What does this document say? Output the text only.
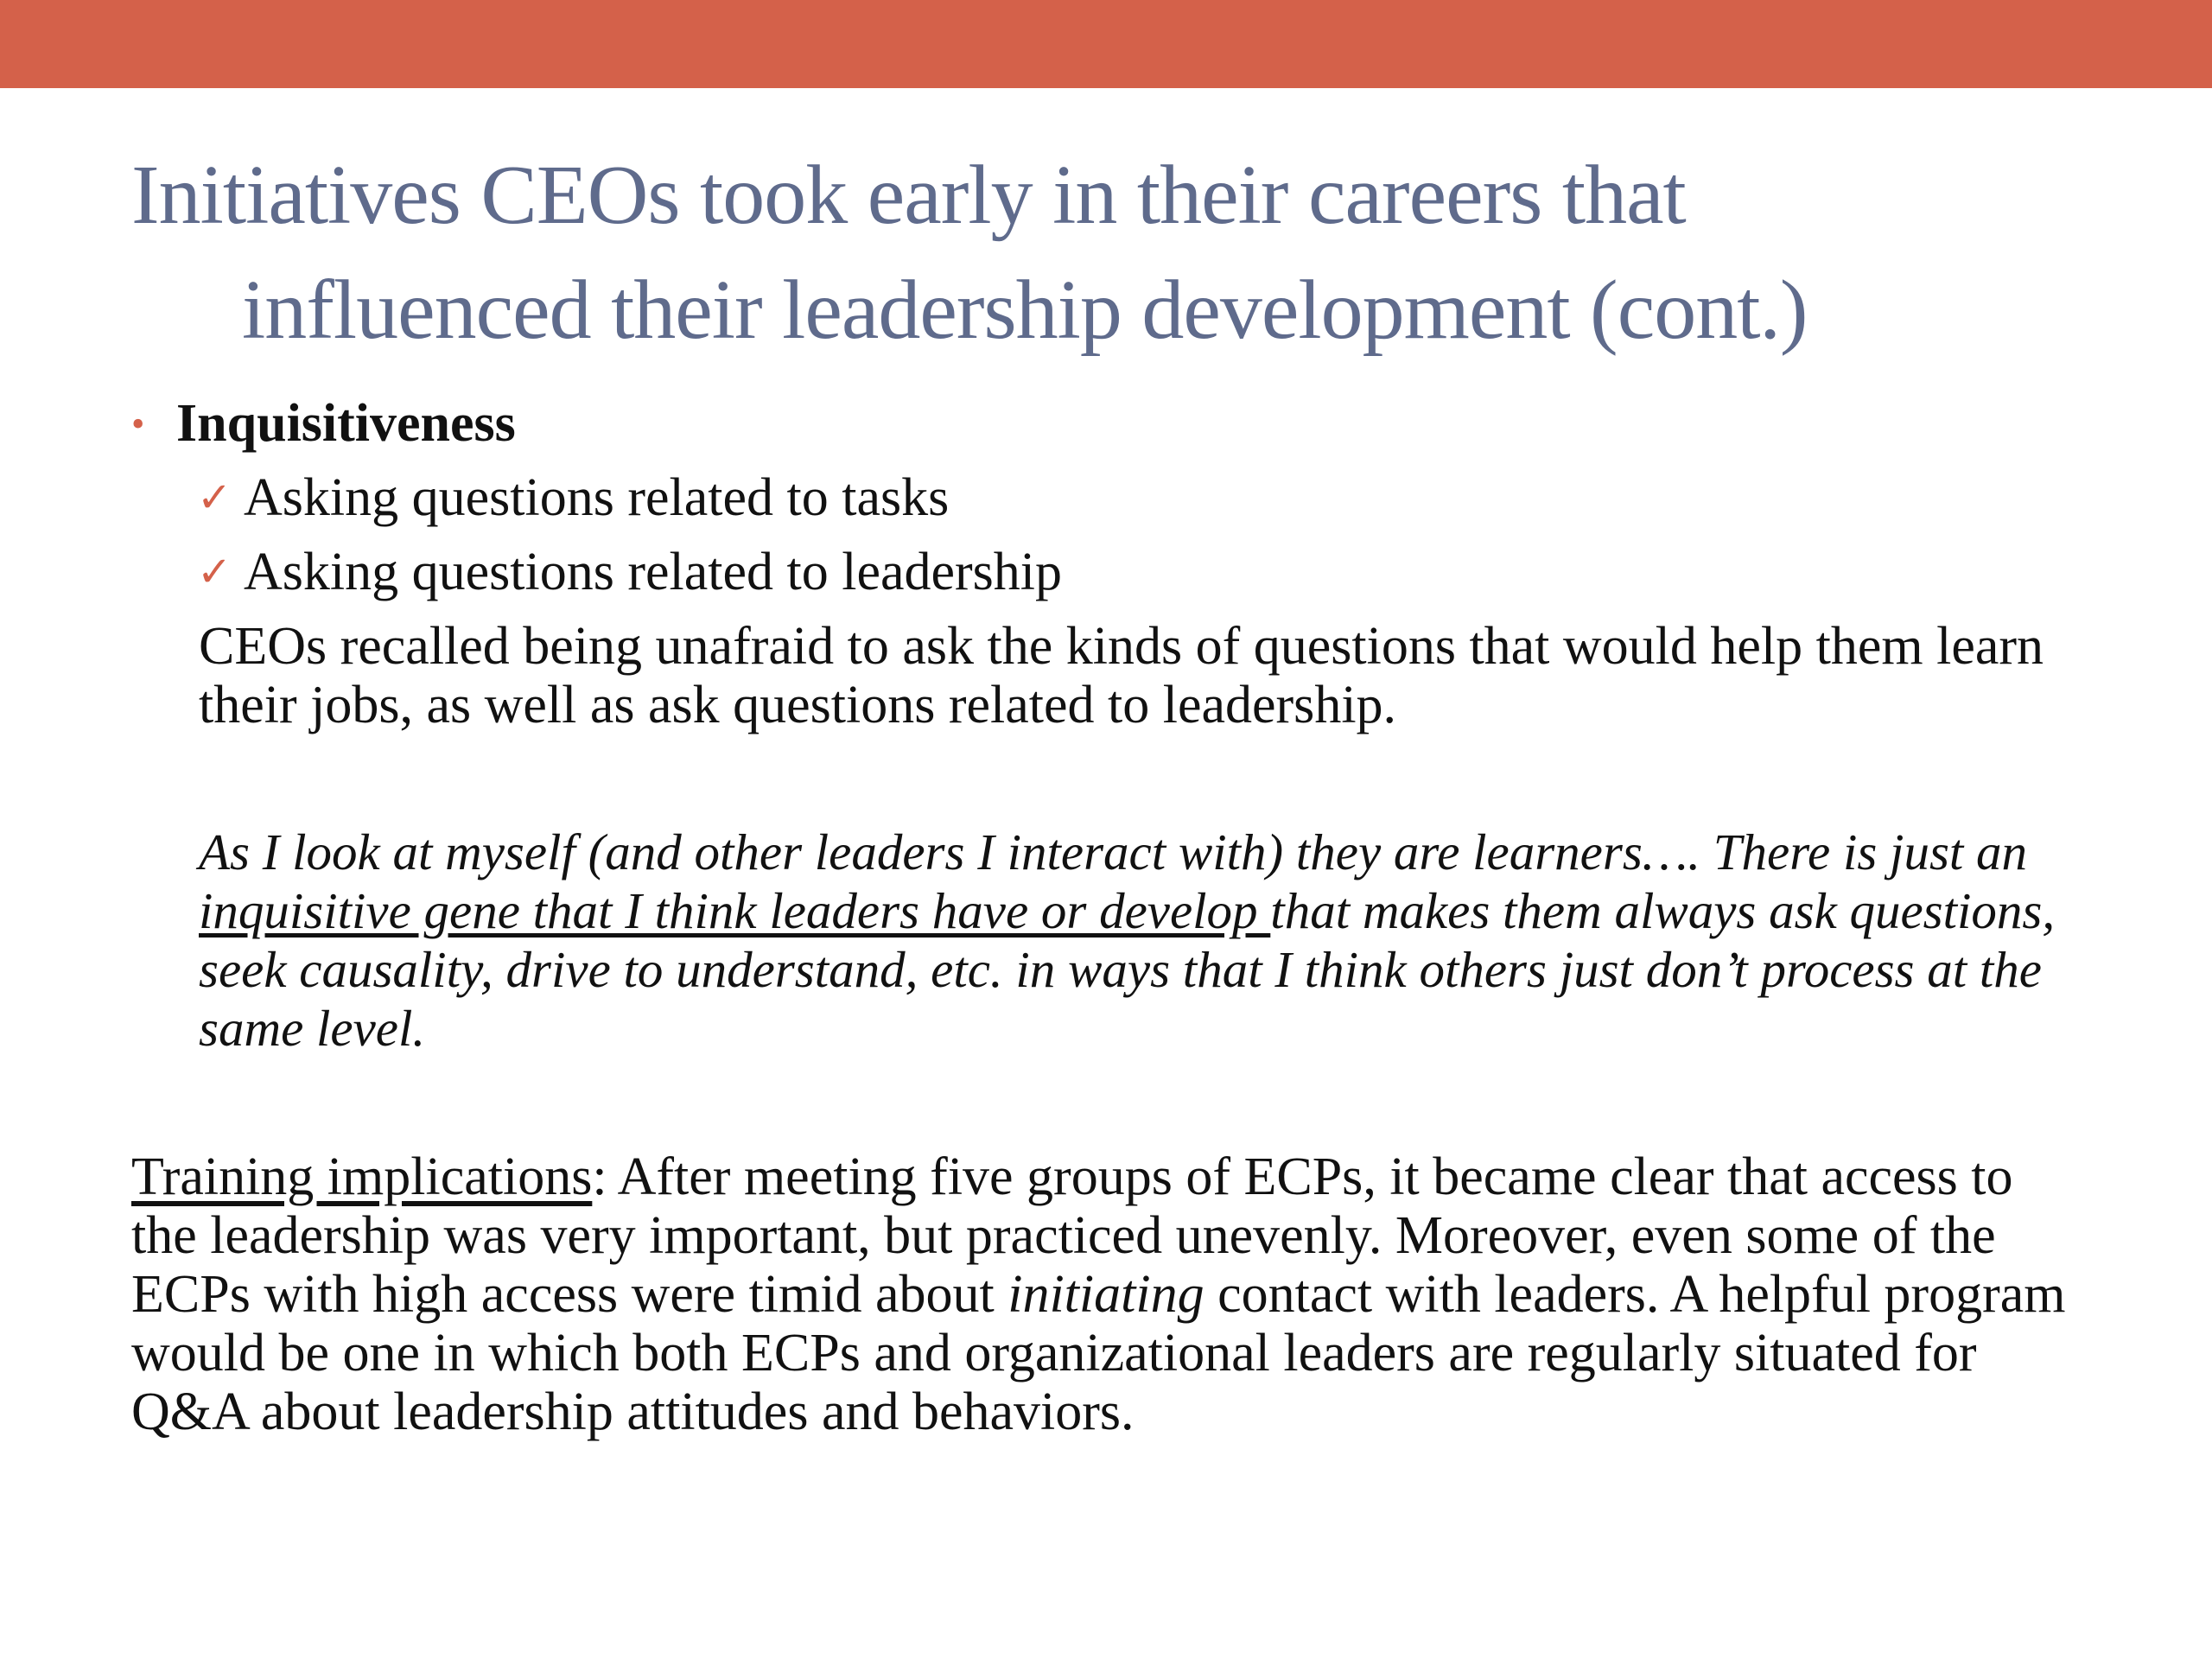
Initiatives CEOs took early in their careers that
influenced their leadership development (cont.)
• Inquisitiveness
✓ Asking questions related to tasks
✓ Asking questions related to leadership

CEOs recalled being unafraid to ask the kinds of questions that would help them learn their jobs, as well as ask questions related to leadership.

As I look at myself (and other leaders I interact with) they are learners…. There is just an inquisitive gene that I think leaders have or develop that makes them always ask questions, seek causality, drive to understand, etc. in ways that I think others just don’t process at the same level.

Training implications: After meeting five groups of ECPs, it became clear that access to the leadership was very important, but practiced unevenly. Moreover, even some of the ECPs with high access were timid about initiating contact with leaders. A helpful program would be one in which both ECPs and organizational leaders are regularly situated for Q&A about leadership attitudes and behaviors.
